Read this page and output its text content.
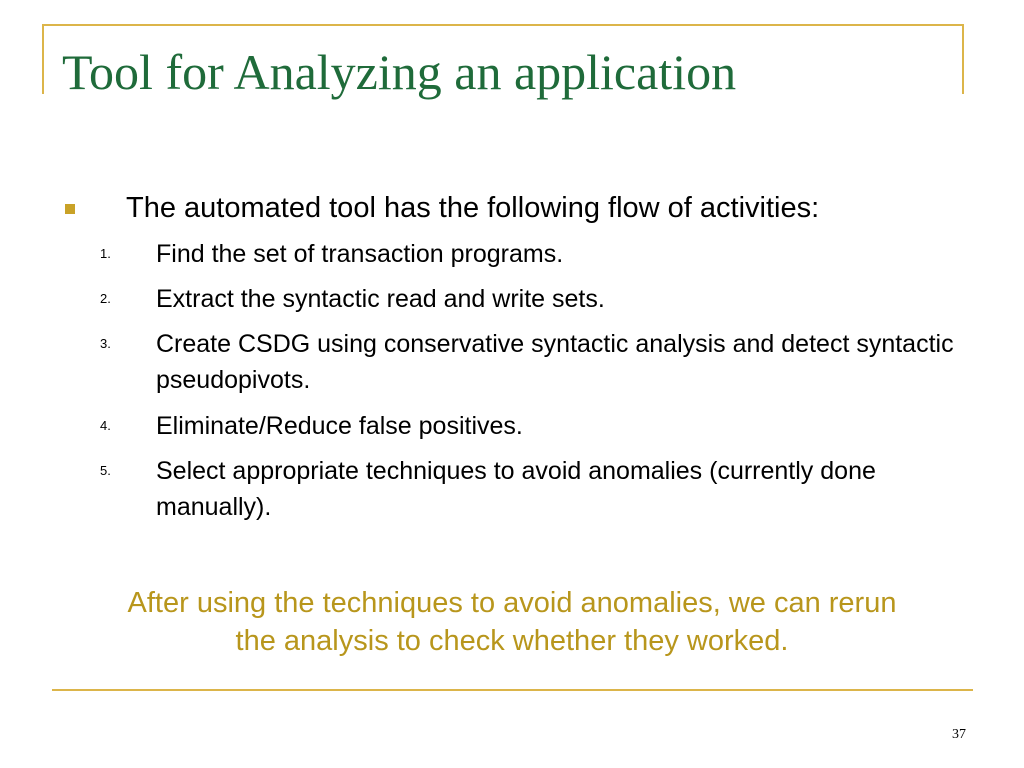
Tool for Analyzing an application
The automated tool has the following flow of activities:
1. Find the set of transaction programs.
2. Extract the syntactic read and write sets.
3. Create CSDG using conservative syntactic analysis and detect syntactic pseudopivots.
4. Eliminate/Reduce false positives.
5. Select appropriate techniques to avoid anomalies (currently done manually).
After using the techniques to avoid anomalies, we can rerun the analysis to check whether they worked.
37
